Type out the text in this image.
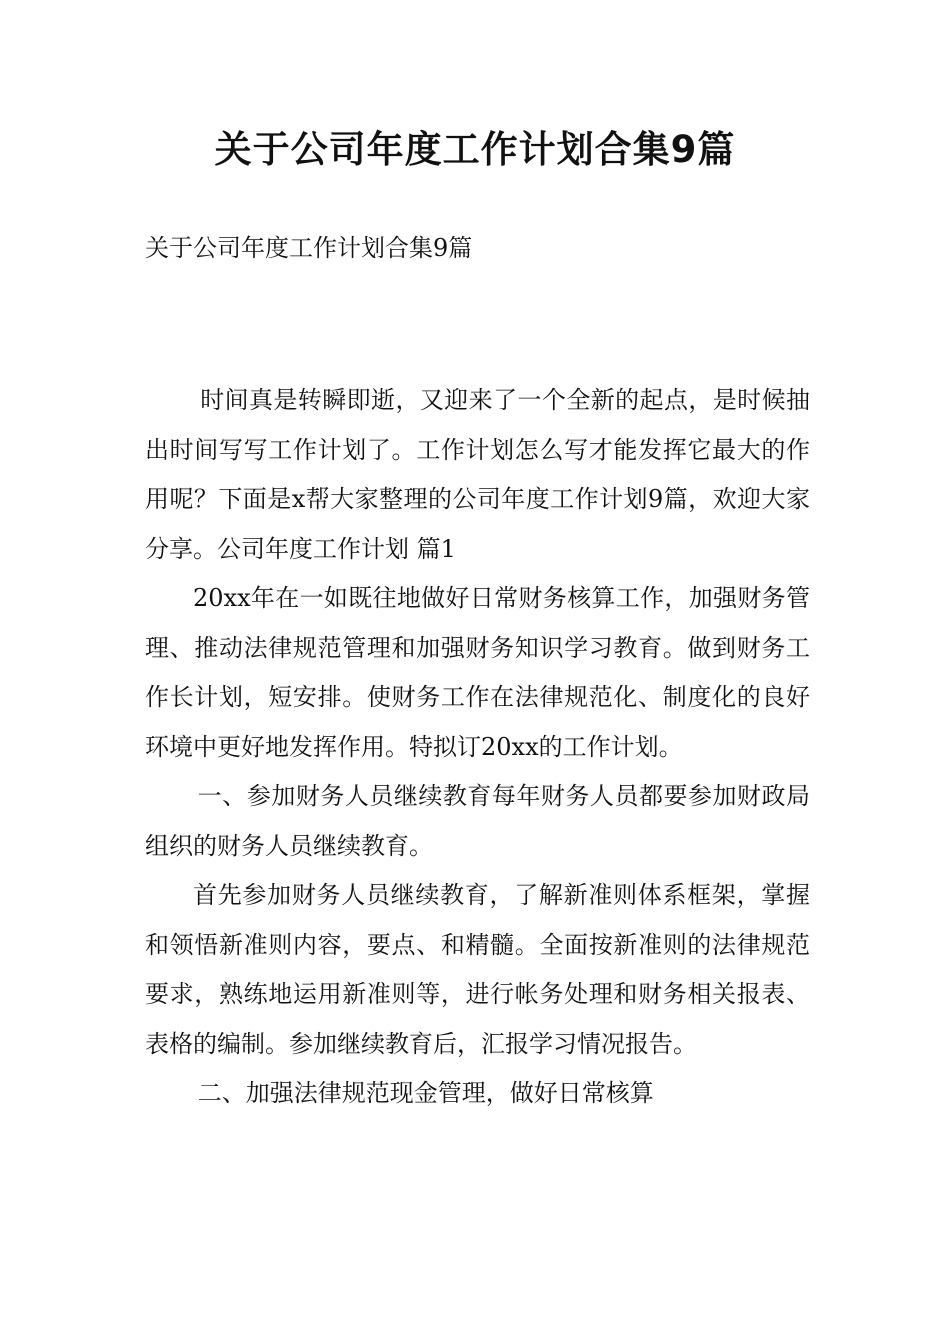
关于公司年度工作计划合集9篇
关于公司年度工作计划合集9篇

时间真是转瞬即逝，又迎来了一个全新的起点，是时候抽出时间写写工作计划了。工作计划怎么写才能发挥它最大的作用呢？下面是x帮大家整理的公司年度工作计划9篇，欢迎大家分享。公司年度工作计划 篇1

20xx年在一如既往地做好日常财务核算工作，加强财务管理、推动法律规范管理和加强财务知识学习教育。做到财务工作长计划，短安排。使财务工作在法律规范化、制度化的良好环境中更好地发挥作用。特拟订20xx的工作计划。

一、参加财务人员继续教育每年财务人员都要参加财政局组织的财务人员继续教育。

首先参加财务人员继续教育，了解新准则体系框架，掌握和领悟新准则内容，要点、和精髓。全面按新准则的法律规范要求，熟练地运用新准则等，进行帐务处理和财务相关报表、表格的编制。参加继续教育后，汇报学习情况报告。

二、加强法律规范现金管理，做好日常核算
